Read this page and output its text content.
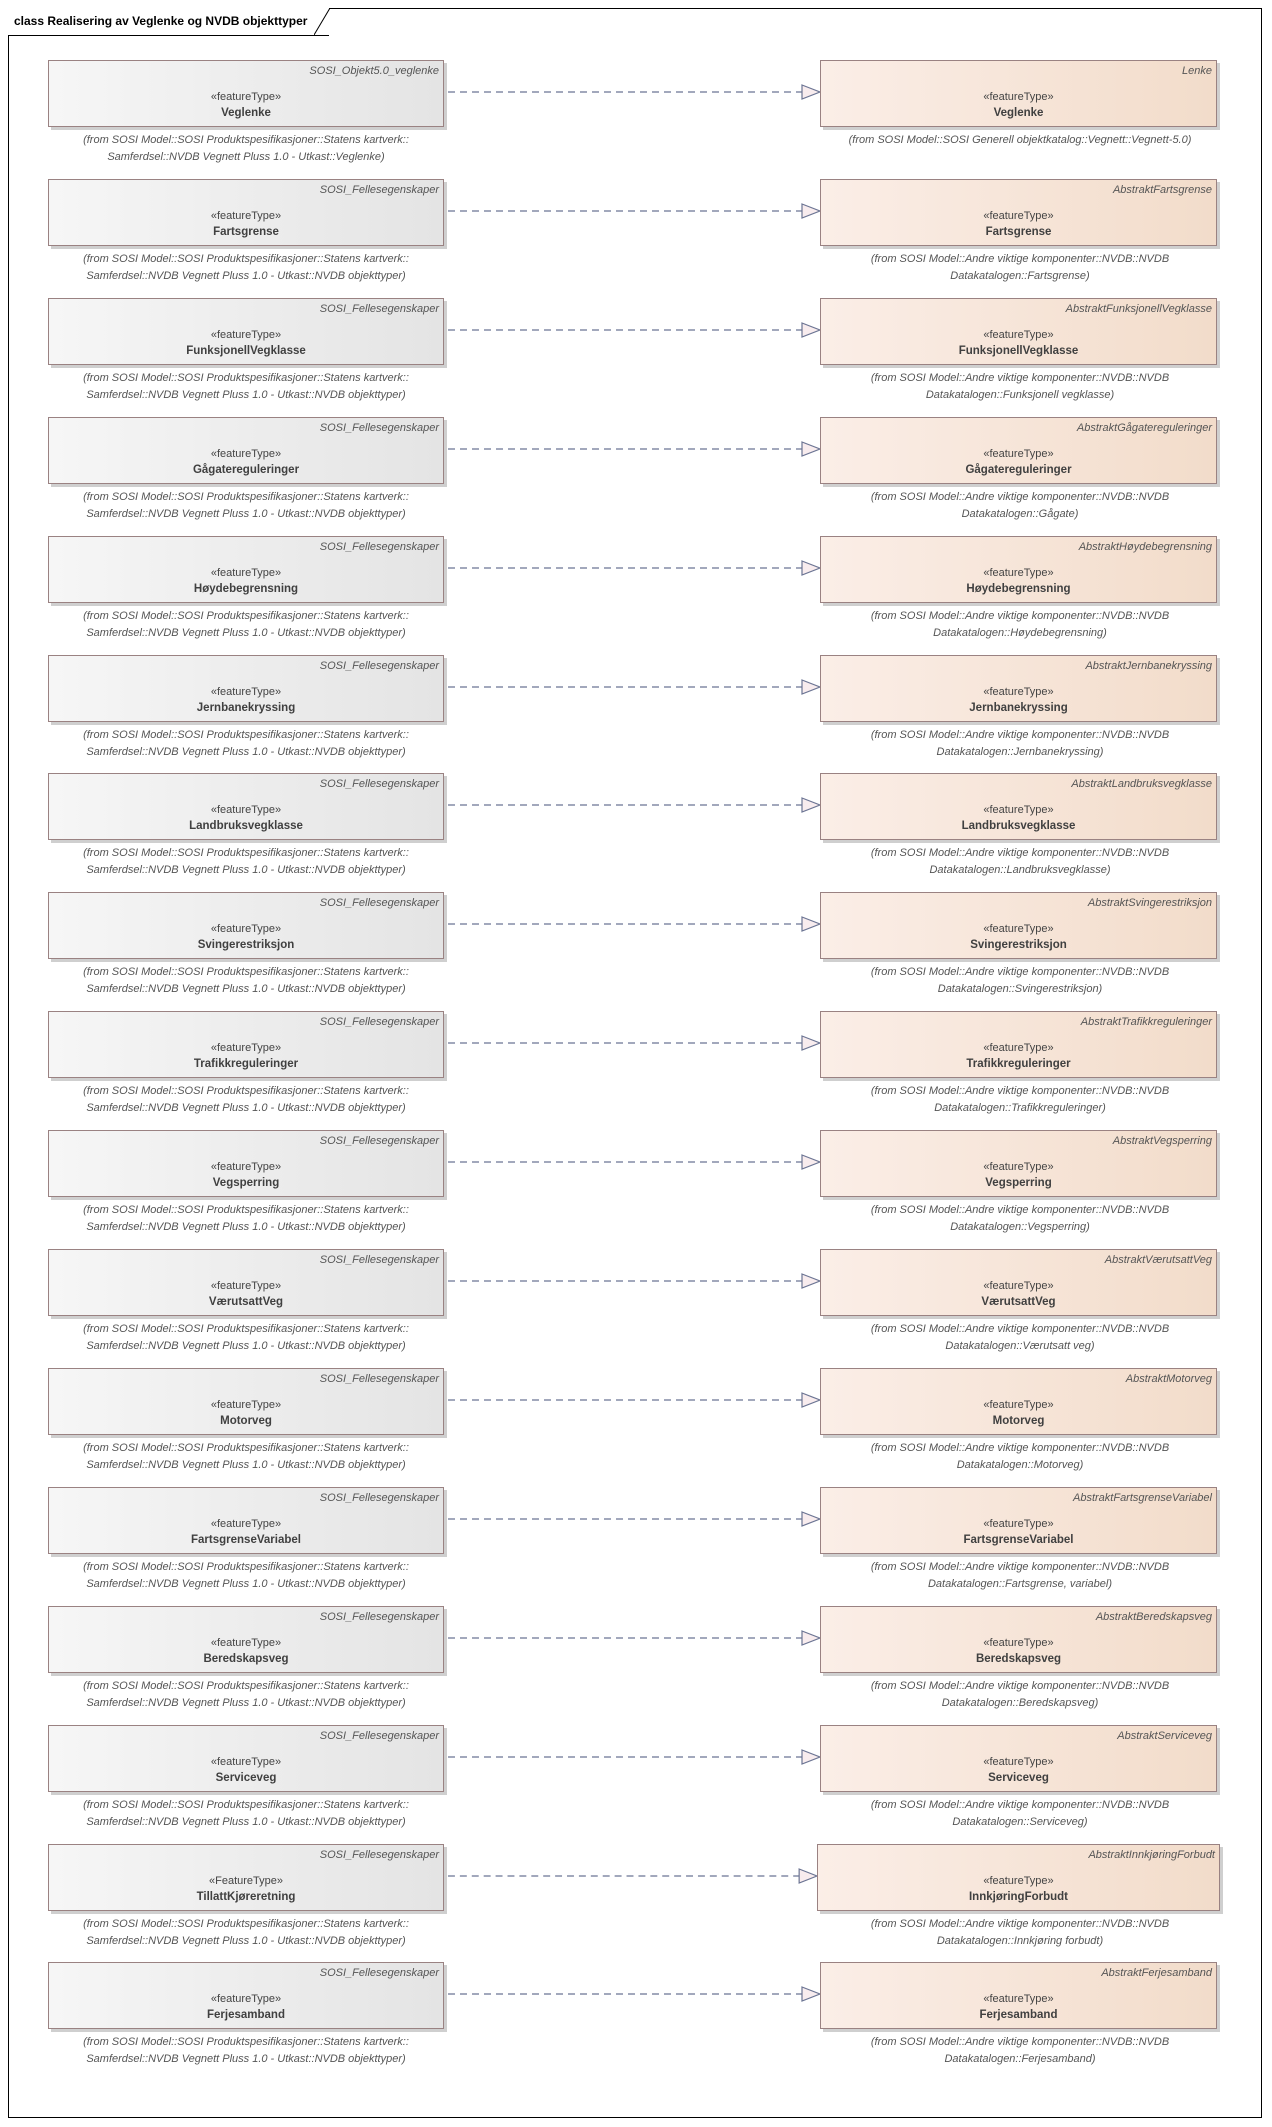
class Realisering av Veglenke og NVDB objekttyper
SOSI_Objekt5.0_veglenke
«featureType»
Veglenke
(from SOSI Model::SOSI Produktspesifikasjoner::Statens kartverk::
Samferdsel::NVDB Vegnett Pluss 1.0 - Utkast::Veglenke)
Lenke
«featureType»
Veglenke
(from SOSI Model::SOSI Generell objektkatalog::Vegnett::Vegnett-5.0)
SOSI_Fellesegenskaper
«featureType»
Fartsgrense
(from SOSI Model::SOSI Produktspesifikasjoner::Statens kartverk::
Samferdsel::NVDB Vegnett Pluss 1.0 - Utkast::NVDB objekttyper)
AbstraktFartsgrense
«featureType»
Fartsgrense
(from SOSI Model::Andre viktige komponenter::NVDB::NVDB
Datakatalogen::Fartsgrense)
SOSI_Fellesegenskaper
«featureType»
FunksjonellVegklasse
(from SOSI Model::SOSI Produktspesifikasjoner::Statens kartverk::
Samferdsel::NVDB Vegnett Pluss 1.0 - Utkast::NVDB objekttyper)
AbstraktFunksjonellVegklasse
«featureType»
FunksjonellVegklasse
(from SOSI Model::Andre viktige komponenter::NVDB::NVDB
Datakatalogen::Funksjonell vegklasse)
SOSI_Fellesegenskaper
«featureType»
Gågatereguleringer
(from SOSI Model::SOSI Produktspesifikasjoner::Statens kartverk::
Samferdsel::NVDB Vegnett Pluss 1.0 - Utkast::NVDB objekttyper)
AbstraktGågatereguleringer
«featureType»
Gågatereguleringer
(from SOSI Model::Andre viktige komponenter::NVDB::NVDB
Datakatalogen::Gågate)
SOSI_Fellesegenskaper
«featureType»
Høydebegrensning
(from SOSI Model::SOSI Produktspesifikasjoner::Statens kartverk::
Samferdsel::NVDB Vegnett Pluss 1.0 - Utkast::NVDB objekttyper)
AbstraktHøydebegrensning
«featureType»
Høydebegrensning
(from SOSI Model::Andre viktige komponenter::NVDB::NVDB
Datakatalogen::Høydebegrensning)
SOSI_Fellesegenskaper
«featureType»
Jernbanekryssing
(from SOSI Model::SOSI Produktspesifikasjoner::Statens kartverk::
Samferdsel::NVDB Vegnett Pluss 1.0 - Utkast::NVDB objekttyper)
AbstraktJernbanekryssing
«featureType»
Jernbanekryssing
(from SOSI Model::Andre viktige komponenter::NVDB::NVDB
Datakatalogen::Jernbanekryssing)
SOSI_Fellesegenskaper
«featureType»
Landbruksvegklasse
(from SOSI Model::SOSI Produktspesifikasjoner::Statens kartverk::
Samferdsel::NVDB Vegnett Pluss 1.0 - Utkast::NVDB objekttyper)
AbstraktLandbruksvegklasse
«featureType»
Landbruksvegklasse
(from SOSI Model::Andre viktige komponenter::NVDB::NVDB
Datakatalogen::Landbruksvegklasse)
SOSI_Fellesegenskaper
«featureType»
Svingerestriksjon
(from SOSI Model::SOSI Produktspesifikasjoner::Statens kartverk::
Samferdsel::NVDB Vegnett Pluss 1.0 - Utkast::NVDB objekttyper)
AbstraktSvingerestriksjon
«featureType»
Svingerestriksjon
(from SOSI Model::Andre viktige komponenter::NVDB::NVDB
Datakatalogen::Svingerestriksjon)
SOSI_Fellesegenskaper
«featureType»
Trafikkreguleringer
(from SOSI Model::SOSI Produktspesifikasjoner::Statens kartverk::
Samferdsel::NVDB Vegnett Pluss 1.0 - Utkast::NVDB objekttyper)
AbstraktTrafikkreguleringer
«featureType»
Trafikkreguleringer
(from SOSI Model::Andre viktige komponenter::NVDB::NVDB
Datakatalogen::Trafikkreguleringer)
SOSI_Fellesegenskaper
«featureType»
Vegsperring
(from SOSI Model::SOSI Produktspesifikasjoner::Statens kartverk::
Samferdsel::NVDB Vegnett Pluss 1.0 - Utkast::NVDB objekttyper)
AbstraktVegsperring
«featureType»
Vegsperring
(from SOSI Model::Andre viktige komponenter::NVDB::NVDB
Datakatalogen::Vegsperring)
SOSI_Fellesegenskaper
«featureType»
VærutsattVeg
(from SOSI Model::SOSI Produktspesifikasjoner::Statens kartverk::
Samferdsel::NVDB Vegnett Pluss 1.0 - Utkast::NVDB objekttyper)
AbstraktVærutsattVeg
«featureType»
VærutsattVeg
(from SOSI Model::Andre viktige komponenter::NVDB::NVDB
Datakatalogen::Værutsatt veg)
SOSI_Fellesegenskaper
«featureType»
Motorveg
(from SOSI Model::SOSI Produktspesifikasjoner::Statens kartverk::
Samferdsel::NVDB Vegnett Pluss 1.0 - Utkast::NVDB objekttyper)
AbstraktMotorveg
«featureType»
Motorveg
(from SOSI Model::Andre viktige komponenter::NVDB::NVDB
Datakatalogen::Motorveg)
SOSI_Fellesegenskaper
«featureType»
FartsgrenseVariabel
(from SOSI Model::SOSI Produktspesifikasjoner::Statens kartverk::
Samferdsel::NVDB Vegnett Pluss 1.0 - Utkast::NVDB objekttyper)
AbstraktFartsgrenseVariabel
«featureType»
FartsgrenseVariabel
(from SOSI Model::Andre viktige komponenter::NVDB::NVDB
Datakatalogen::Fartsgrense, variabel)
SOSI_Fellesegenskaper
«featureType»
Beredskapsveg
(from SOSI Model::SOSI Produktspesifikasjoner::Statens kartverk::
Samferdsel::NVDB Vegnett Pluss 1.0 - Utkast::NVDB objekttyper)
AbstraktBeredskapsveg
«featureType»
Beredskapsveg
(from SOSI Model::Andre viktige komponenter::NVDB::NVDB
Datakatalogen::Beredskapsveg)
SOSI_Fellesegenskaper
«featureType»
Serviceveg
(from SOSI Model::SOSI Produktspesifikasjoner::Statens kartverk::
Samferdsel::NVDB Vegnett Pluss 1.0 - Utkast::NVDB objekttyper)
AbstraktServiceveg
«featureType»
Serviceveg
(from SOSI Model::Andre viktige komponenter::NVDB::NVDB
Datakatalogen::Serviceveg)
SOSI_Fellesegenskaper
«FeatureType»
TillattKjøreretning
(from SOSI Model::SOSI Produktspesifikasjoner::Statens kartverk::
Samferdsel::NVDB Vegnett Pluss 1.0 - Utkast::NVDB objekttyper)
AbstraktInnkjøringForbudt
«featureType»
InnkjøringForbudt
(from SOSI Model::Andre viktige komponenter::NVDB::NVDB
Datakatalogen::Innkjøring forbudt)
SOSI_Fellesegenskaper
«featureType»
Ferjesamband
(from SOSI Model::SOSI Produktspesifikasjoner::Statens kartverk::
Samferdsel::NVDB Vegnett Pluss 1.0 - Utkast::NVDB objekttyper)
AbstraktFerjesamband
«featureType»
Ferjesamband
(from SOSI Model::Andre viktige komponenter::NVDB::NVDB
Datakatalogen::Ferjesamband)
